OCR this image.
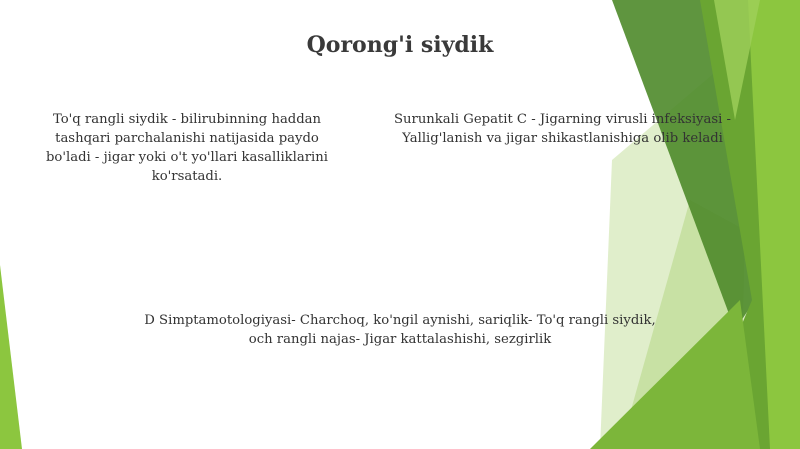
Qorong'i siydik
To'q rangli siydik - bilirubinning haddan
tashqari parchalanishi natijasida paydo
bo'ladi - jigar yoki o't yo'llari kasalliklarini
ko'rsatadi.
Surunkali Gepatit C - Jigarning virusli infeksiyasi -
Yallig'lanish va jigar shikastlanishiga olib keladi
D Simptamotologiyasi- Charchoq, ko'ngil aynishi, sariqlik- To'q rangli siydik,
och rangli najas- Jigar kattalashishi, sezgirlik
